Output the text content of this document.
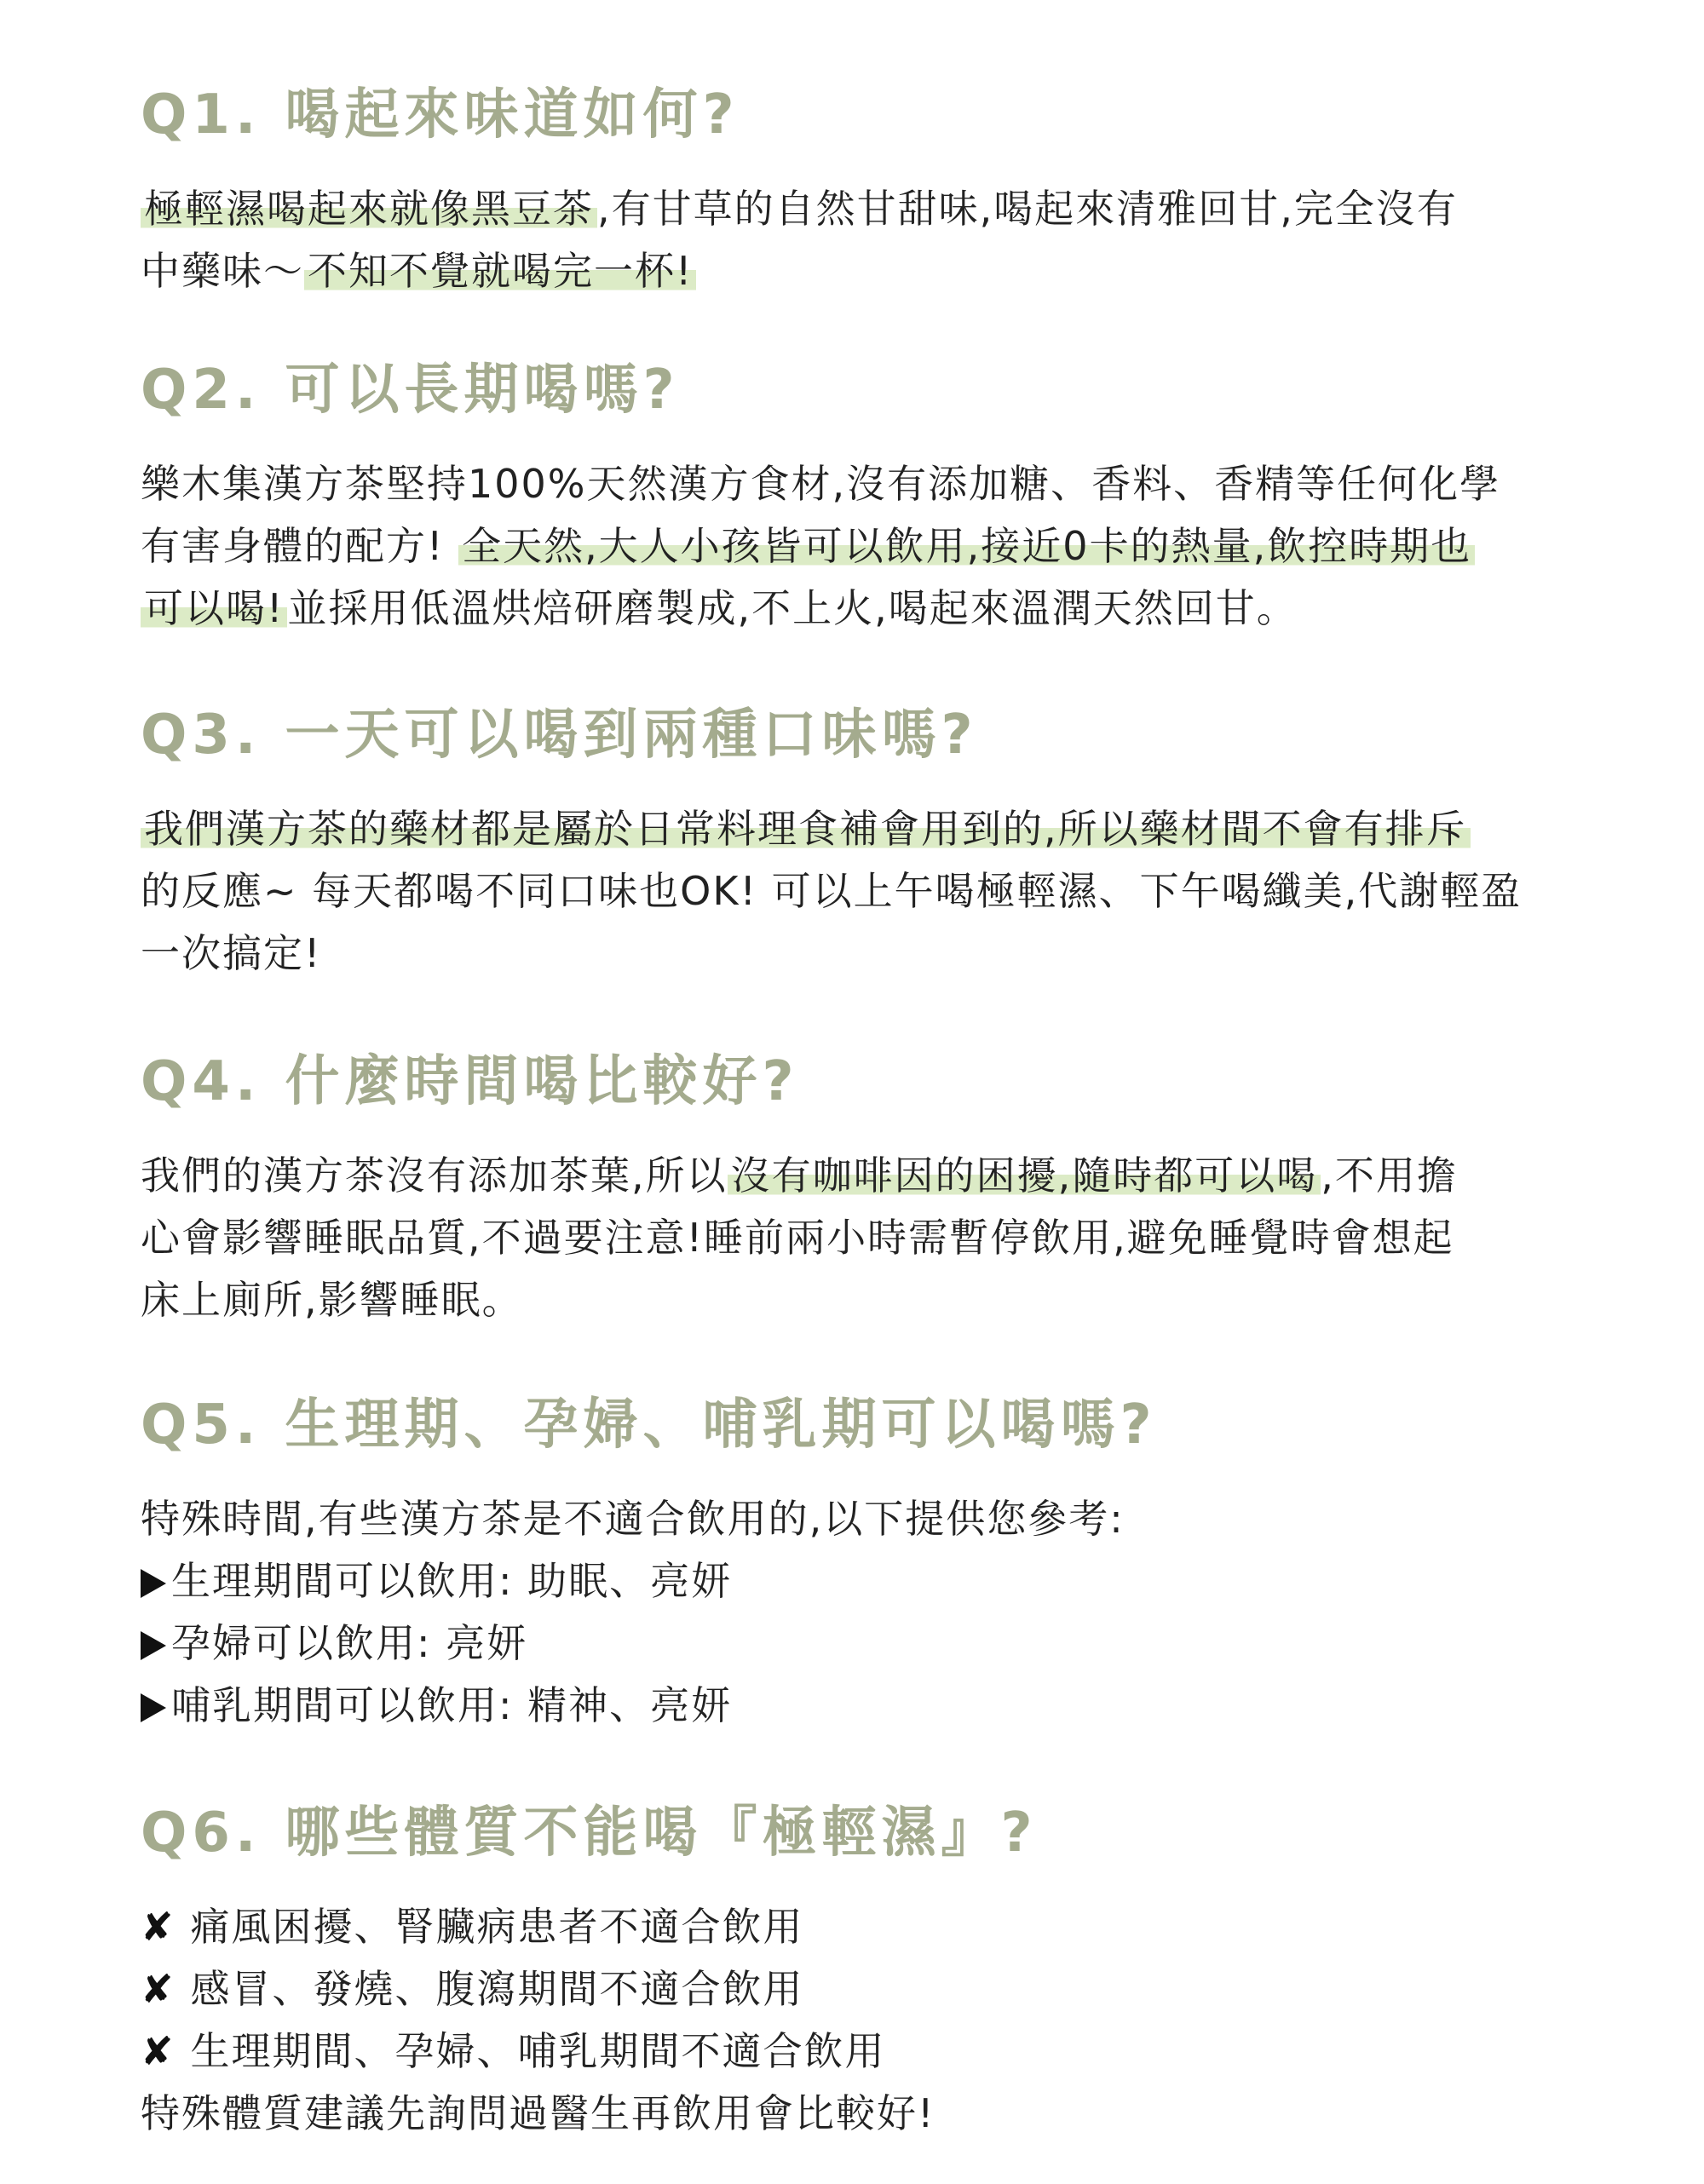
Q1. 喝起來味道如何?

極輕濕喝起來就像黑豆茶,有甘草的自然甘甜味,喝起來清雅回甘,完全沒有

中藥味～不知不覺就喝完一杯!

Q2. 可以長期喝嗎?

樂木集漢方茶堅持100%天然漢方食材,沒有添加糖、香料、香精等任何化學

有害身體的配方! 全天然,大人小孩皆可以飲用,接近0卡的熱量,飲控時期也

可以喝!並採用低溫烘焙研磨製成,不上火,喝起來溫潤天然回甘。

Q3. 一天可以喝到兩種口味嗎?

我們漢方茶的藥材都是屬於日常料理食補會用到的,所以藥材間不會有排斥

的反應~ 每天都喝不同口味也OK! 可以上午喝極輕濕、下午喝纖美,代謝輕盈

一次搞定!

Q4. 什麼時間喝比較好?

我們的漢方茶沒有添加茶葉,所以沒有咖啡因的困擾,隨時都可以喝,不用擔

心會影響睡眠品質,不過要注意!睡前兩小時需暫停飲用,避免睡覺時會想起

床上廁所,影響睡眠。

Q5. 生理期、孕婦、哺乳期可以喝嗎?

特殊時間,有些漢方茶是不適合飲用的,以下提供您參考:

生理期間可以飲用: 助眠、亮妍
孕婦可以飲用: 亮妍
哺乳期間可以飲用: 精神、亮妍
Q6. 哪些體質不能喝『極輕濕』?
✘ 痛風困擾、腎臟病患者不適合飲用
✘ 感冒、發燒、腹瀉期間不適合飲用
✘ 生理期間、孕婦、哺乳期間不適合飲用

特殊體質建議先詢問過醫生再飲用會比較好!
